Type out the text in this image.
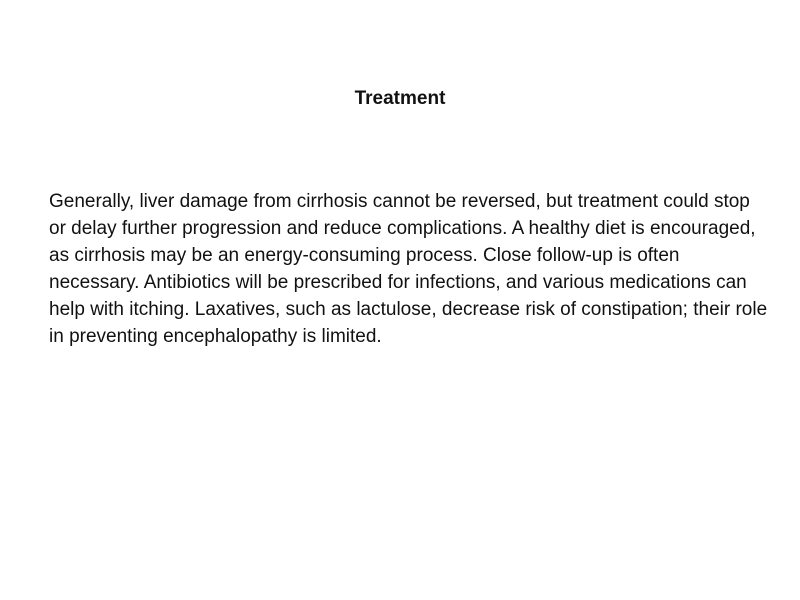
Treatment

Generally, liver damage from cirrhosis cannot be reversed, but treatment could stop or delay further progression and reduce complications. A healthy diet is encouraged, as cirrhosis may be an energy-consuming process. Close follow-up is often necessary. Antibiotics will be prescribed for infections, and various medications can help with itching. Laxatives, such as lactulose, decrease risk of constipation; their role in preventing encephalopathy is limited.
